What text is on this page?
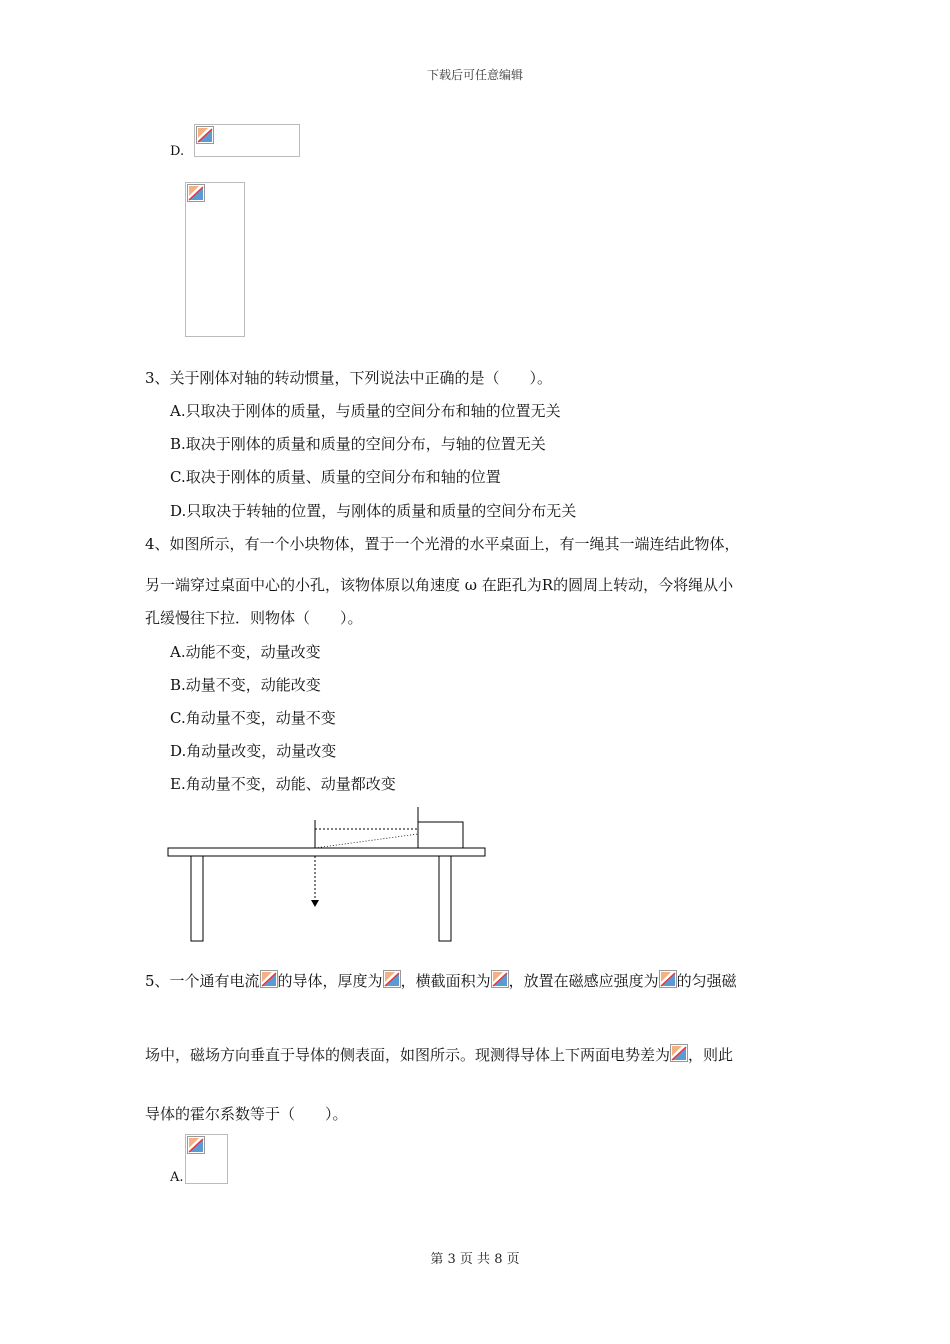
下载后可任意编辑
D.
3、关于刚体对轴的转动惯量，下列说法中正确的是（　　）。
A.只取决于刚体的质量，与质量的空间分布和轴的位置无关
B.取决于刚体的质量和质量的空间分布，与轴的位置无关
C.取决于刚体的质量、质量的空间分布和轴的位置
D.只取决于转轴的位置，与刚体的质量和质量的空间分布无关
4、如图所示，有一个小块物体，置于一个光滑的水平桌面上，有一绳其一端连结此物体，
另一端穿过桌面中心的小孔，该物体原以角速度 ω 在距孔为R的圆周上转动，今将绳从小
孔缓慢往下拉．则物体（　　）。
A.动能不变，动量改变
B.动量不变，动能改变
C.角动量不变，动量不变
D.角动量改变，动量改变
E.角动量不变，动能、动量都改变
5、一个通有电流 的导体，厚度为 ，横截面积为 ，放置在磁感应强度为 的匀强磁
场中，磁场方向垂直于导体的侧表面，如图所示。现测得导体上下两面电势差为 ，则此
导体的霍尔系数等于（　　）。
A.
第 3 页 共 8 页
